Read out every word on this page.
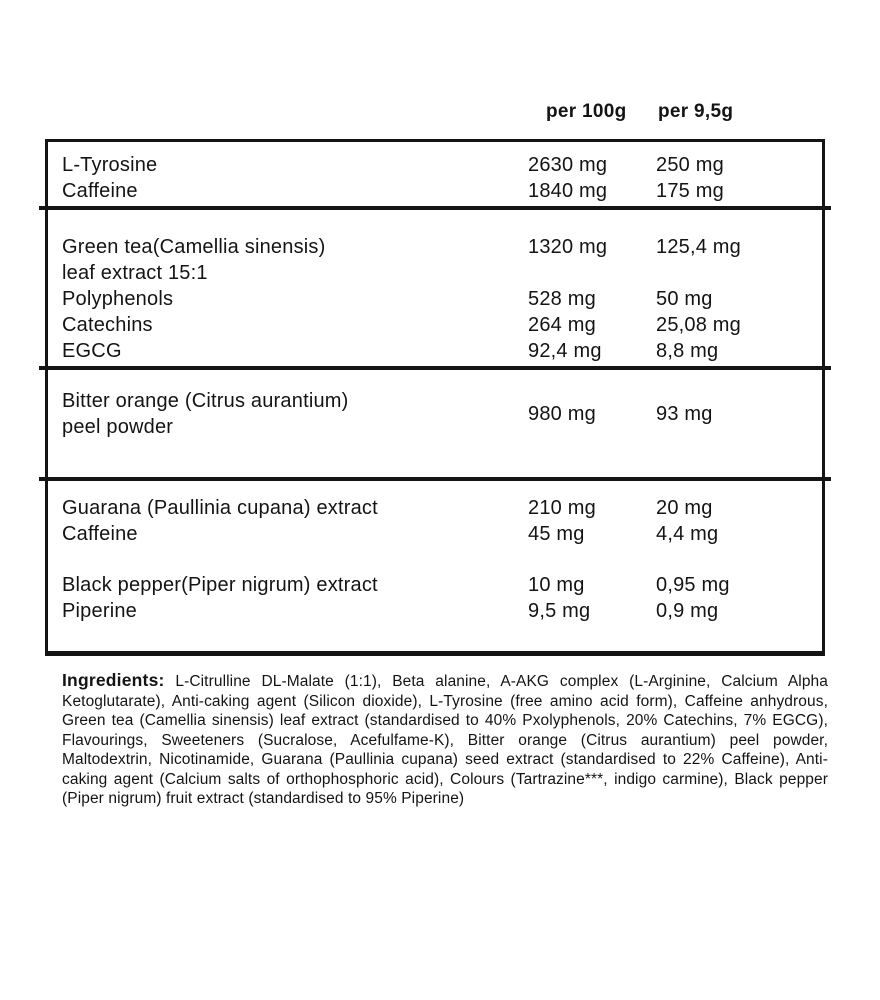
per 100g per 9,5g
L-Tyrosine	2630 mg	250 mg
Caffeine	1840 mg	175 mg
Green tea(Camellia sinensis)	1320 mg	125,4 mg
leaf extract 15:1
Polyphenols	528 mg	50 mg
Catechins	264 mg	25,08 mg
EGCG	92,4 mg	8,8 mg
Bitter orange (Citrus aurantium)
peel powder
980 mg	93 mg
Guarana (Paullinia cupana) extract	210 mg	20 mg
Caffeine	45 mg	4,4 mg
Black pepper(Piper nigrum) extract	10 mg	0,95 mg
Piperine	9,5 mg	0,9 mg

Ingredients: L-Citrulline DL-Malate (1:1), Beta alanine, A-AKG complex (L-Arginine, Calcium Alpha Ketoglutarate), Anti-caking agent (Silicon dioxide), L-Tyrosine (free amino acid form), Caffeine anhydrous, Green tea (Camellia sinensis) leaf extract (standardised to 40% Pxolyphenols, 20% Catechins, 7% EGCG), Flavourings, Sweeteners (Sucralose, Acefulfame-K), Bitter orange (Citrus aurantium) peel powder, Maltodextrin, Nicotinamide, Guarana (Paullinia cupana) seed extract (standardised to 22% Caffeine), Anti-caking agent (Calcium salts of orthophosphoric acid), Colours (Tartrazine***, indigo carmine), Black pepper (Piper nigrum) fruit extract (standardised to 95% Piperine)
